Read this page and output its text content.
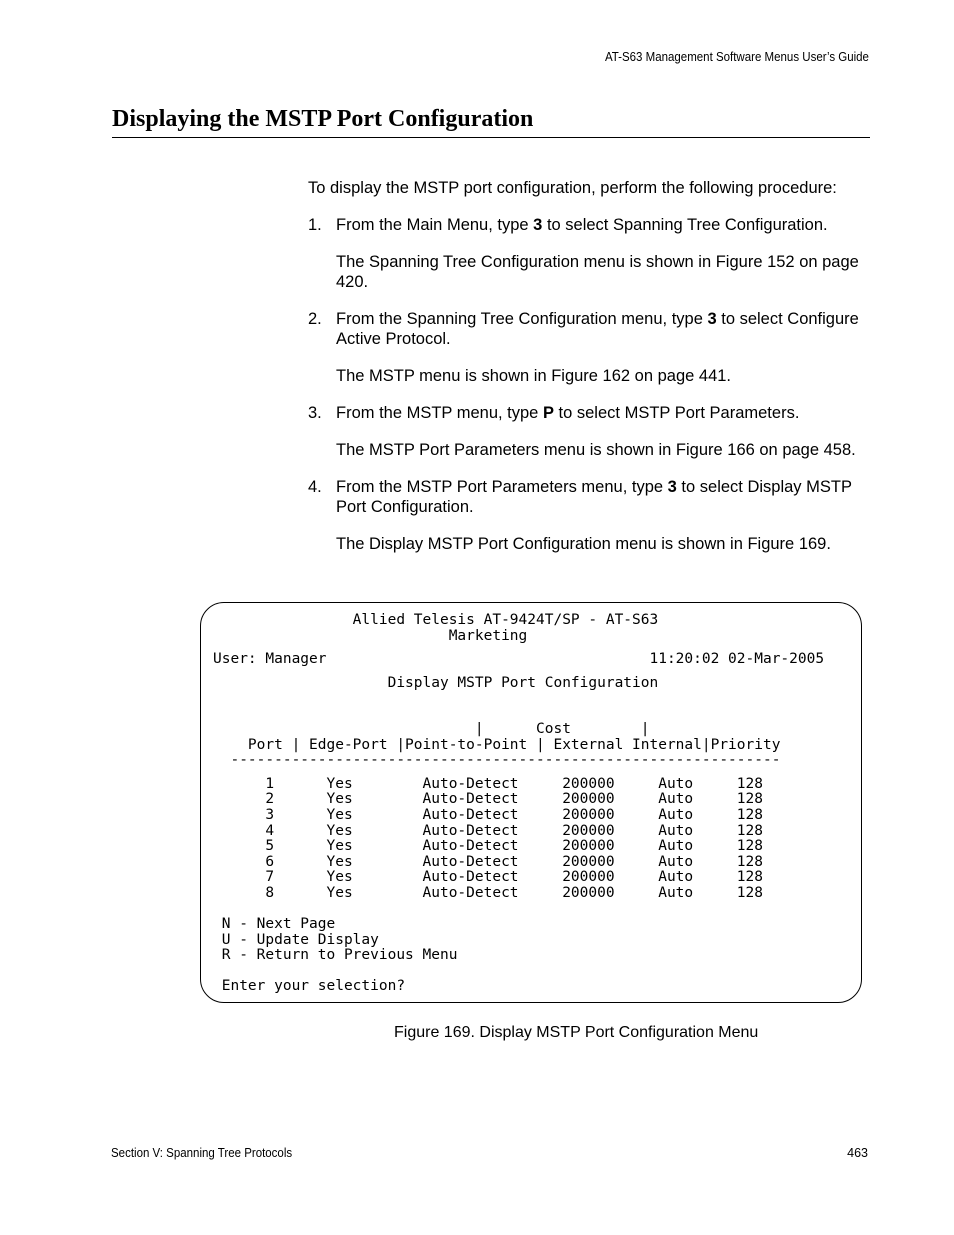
AT-S63 Management Software Menus User’s Guide
Displaying the MSTP Port Configuration

To display the MSTP port configuration, perform the following procedure:

1. From the Main Menu, type 3 to select Spanning Tree Configuration.

The Spanning Tree Configuration menu is shown in Figure 152 on page 420.

2. From the Spanning Tree Configuration menu, type 3 to select Configure Active Protocol.

The MSTP menu is shown in Figure 162 on page 441.

3. From the MSTP menu, type P to select MSTP Port Parameters.

The MSTP Port Parameters menu is shown in Figure 166 on page 458.

4. From the MSTP Port Parameters menu, type 3 to select Display MSTP Port Configuration.

The Display MSTP Port Configuration menu is shown in Figure 169.

Allied Telesis AT-9424T/SP - AT-S63
Marketing
User: Manager                                     11:20:02 02-Mar-2005
Display MSTP Port Configuration
|      Cost        |
Port | Edge-Port |Point-to-Point | External Internal|Priority
---------------------------------------------------------------
1      Yes        Auto-Detect     200000     Auto     128
2      Yes        Auto-Detect     200000     Auto     128
3      Yes        Auto-Detect     200000     Auto     128
4      Yes        Auto-Detect     200000     Auto     128
5      Yes        Auto-Detect     200000     Auto     128
6      Yes        Auto-Detect     200000     Auto     128
7      Yes        Auto-Detect     200000     Auto     128
8      Yes        Auto-Detect     200000     Auto     128
N - Next Page
U - Update Display
R - Return to Previous Menu
Enter your selection?
Figure 169. Display MSTP Port Configuration Menu
Section V: Spanning Tree Protocols	463
